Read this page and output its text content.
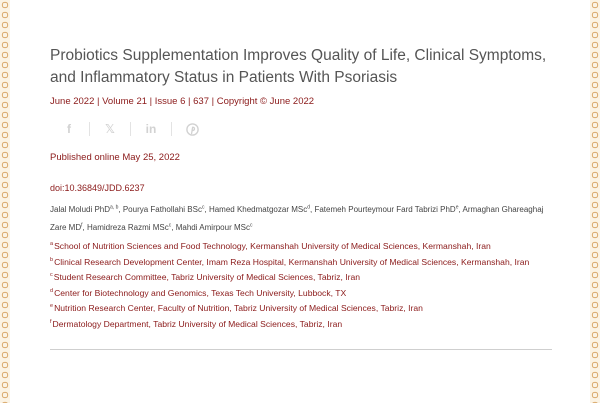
Probiotics Supplementation Improves Quality of Life, Clinical Symptoms, and Inflammatory Status in Patients With Psoriasis
June 2022 | Volume 21 | Issue 6 | 637 | Copyright © June 2022
f	𝕏	in
Published online May 25, 2022
doi:10.36849/JDD.6237
Jalal Moludi PhD$^{a, b}$, Pourya Fathollahi BSc$^c$, Hamed Khedmatgozar MSc$^d$, Fatemeh Pourteymour Fard Tabrizi PhD$^e$, Armaghan Ghareaghaj Zare $MD^f$, Hamidreza Razmi MSc$^c$, Mahdi Amirpour MSc$^c$
$^a$School of Nutrition Sciences and Food Technology, Kermanshah University of Medical Sciences, Kermanshah, Iran
$^b$Clinical Research Development Center, Imam Reza Hospital, Kermanshah University of Medical Sciences, Kermanshah, Iran
$^c$Student Research Committee, Tabriz University of Medical Sciences, Tabriz, Iran
$^d$Center for Biotechnology and Genomics, Texas Tech University, Lubbock, TX
$^e$Nutrition Research Center, Faculty of Nutrition, Tabriz University of Medical Sciences, Tabriz, Iran
$^f$Dermatology Department, Tabriz University of Medical Sciences, Tabriz, Iran
